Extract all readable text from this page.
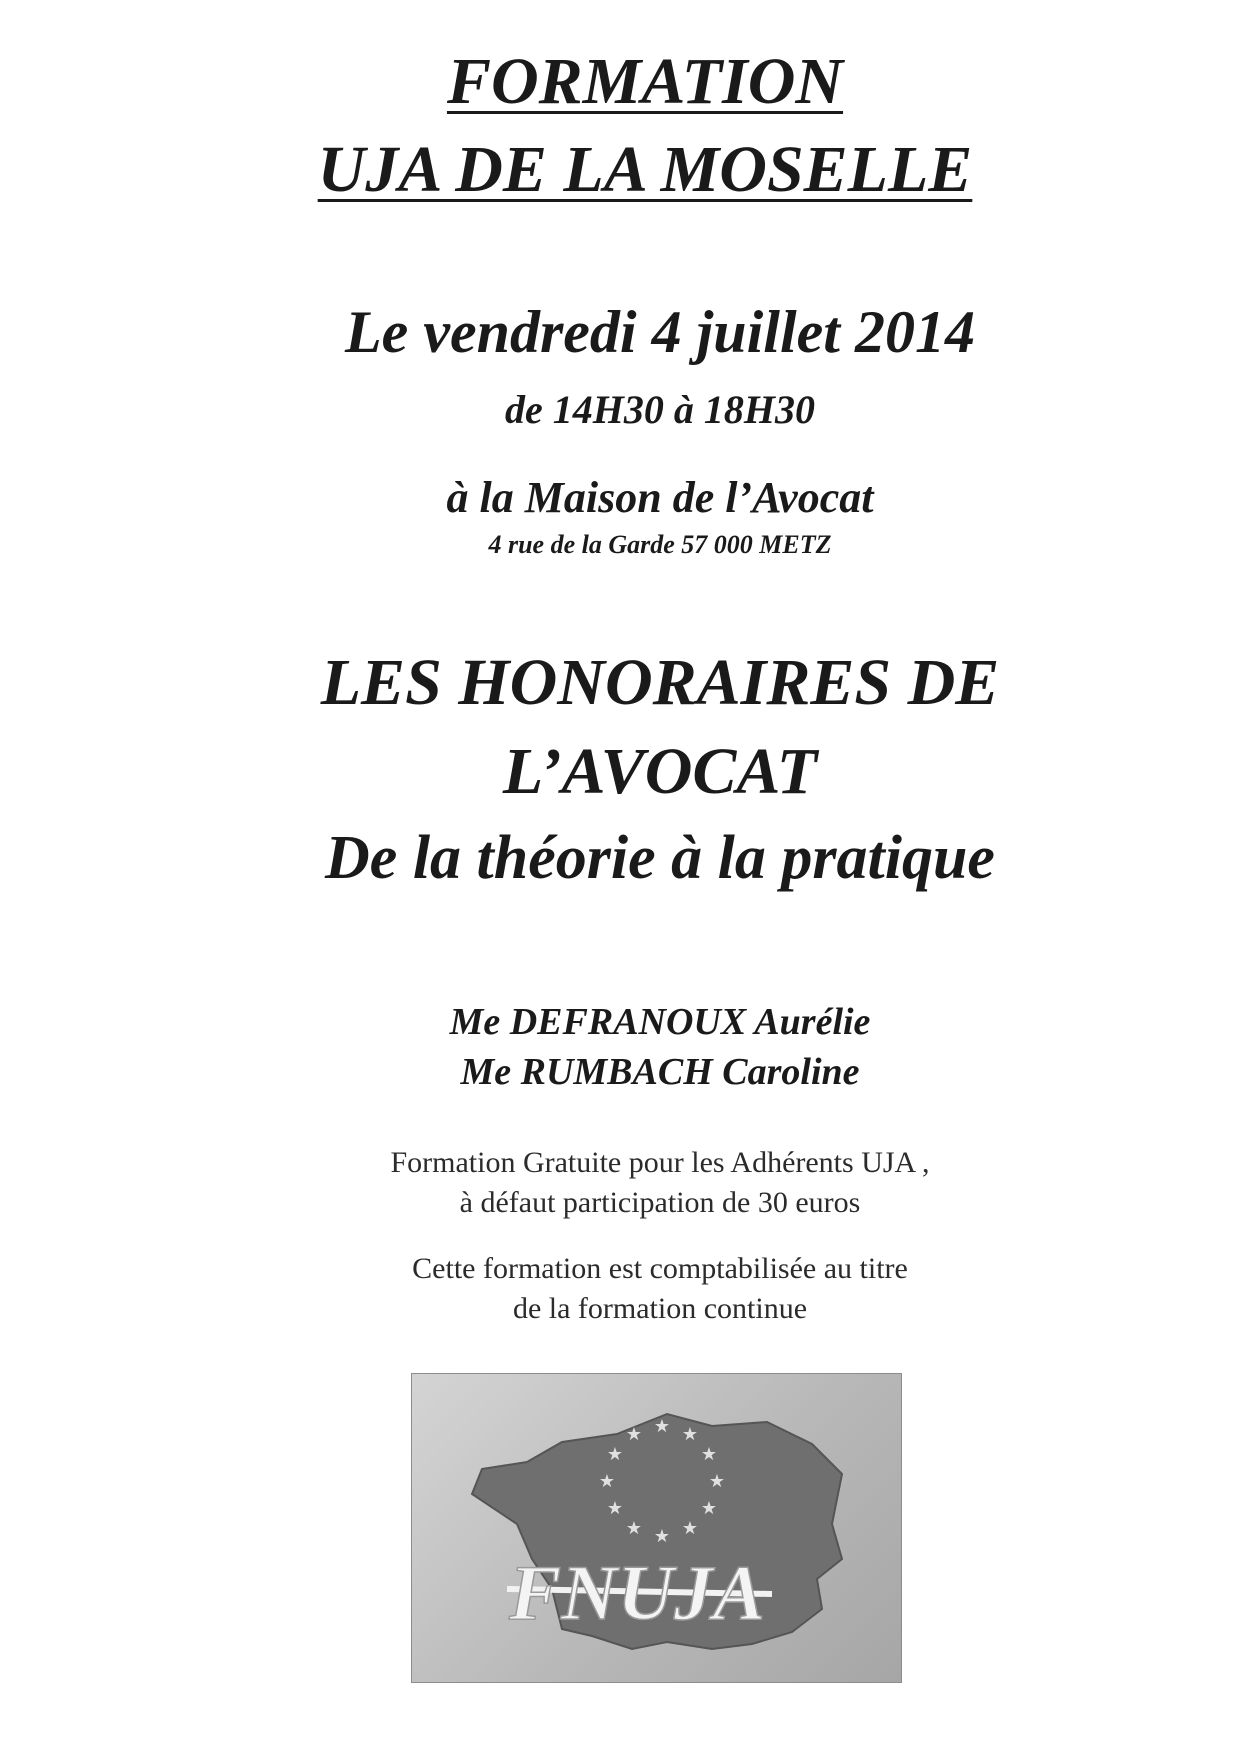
FORMATION
UJA DE LA MOSELLE
Le vendredi 4 juillet 2014
de 14H30 à 18H30
à la Maison de l’Avocat
4 rue de la Garde 57 000 METZ
LES HONORAIRES DE
L’AVOCAT
De la théorie à la pratique
Me DEFRANOUX Aurélie
Me RUMBACH Caroline
Formation Gratuite pour les Adhérents UJA ,
à défaut participation de 30 euros
Cette formation est comptabilisée au titre
de la formation continue
★ ★
★
★
★
★
★
★
★
★
★
★
FNUJA
